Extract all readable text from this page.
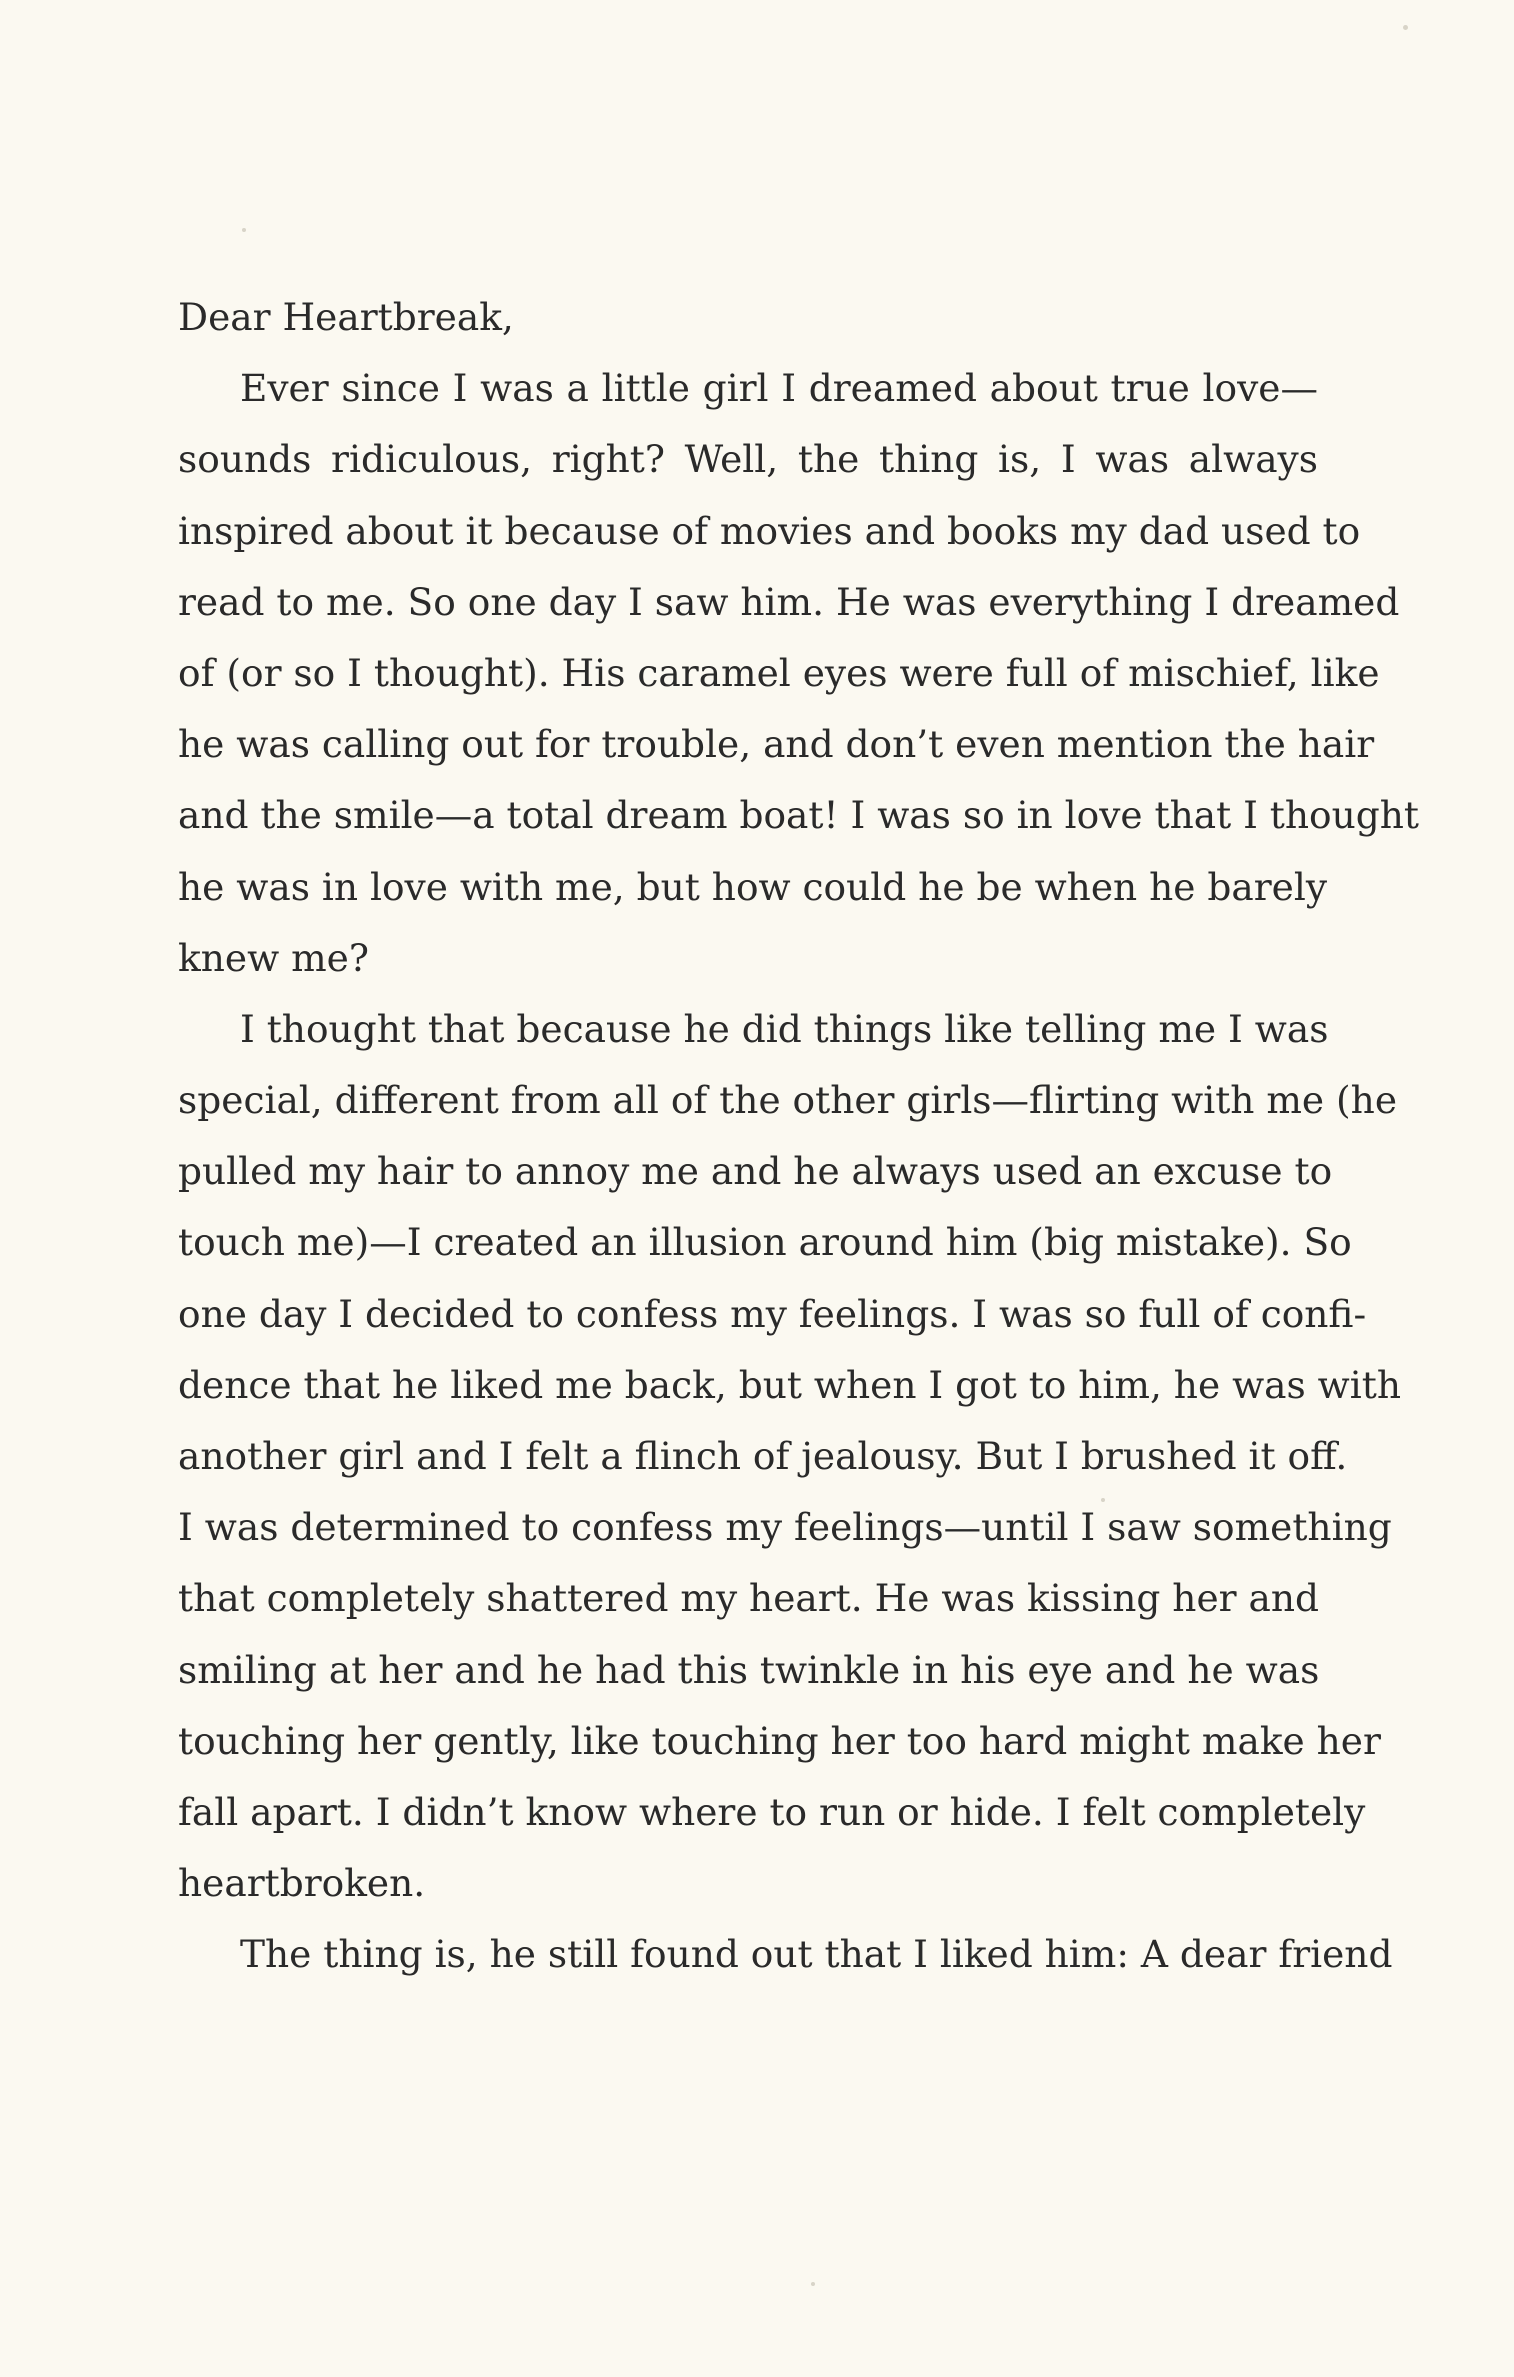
Dear Heartbreak,
Ever since I was a little girl I dreamed about true love—
sounds ridiculous, right? Well, the thing is, I was always
inspired about it because of movies and books my dad used to
read to me. So one day I saw him. He was everything I dreamed
of (or so I thought). His caramel eyes were full of mischief, like
he was calling out for trouble, and don’t even mention the hair
and the smile—a total dream boat! I was so in love that I thought
he was in love with me, but how could he be when he barely
knew me?
I thought that because he did things like telling me I was
special, different from all of the other girls—flirting with me (he
pulled my hair to annoy me and he always used an excuse to
touch me)—I created an illusion around him (big mistake). So
one day I decided to confess my feelings. I was so full of confi-
dence that he liked me back, but when I got to him, he was with
another girl and I felt a flinch of jealousy. But I brushed it off.
I was determined to confess my feelings—until I saw something
that completely shattered my heart. He was kissing her and
smiling at her and he had this twinkle in his eye and he was
touching her gently, like touching her too hard might make her
fall apart. I didn’t know where to run or hide. I felt completely
heartbroken.
The thing is, he still found out that I liked him: A dear friend
